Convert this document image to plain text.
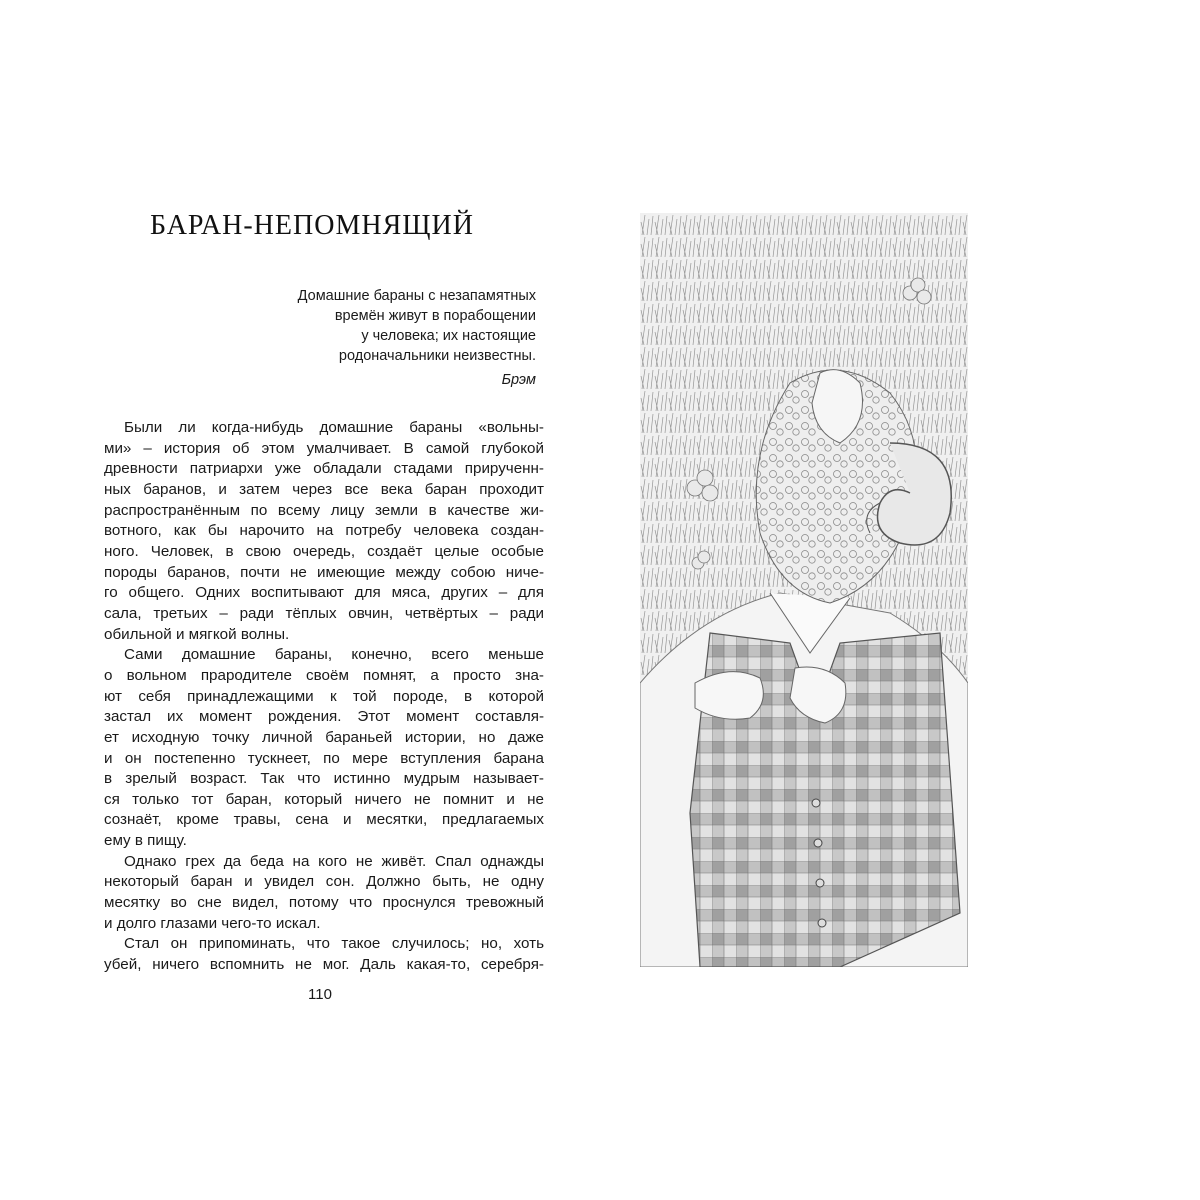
БАРАН-НЕПОМНЯЩИЙ
Домашние бараны с незапамятных
времён живут в порабощении
у человека; их настоящие
родоначальники неизвестны.
Брэм
Были ли когда-нибудь домашние бараны «вольны-
ми» – история об этом умалчивает. В самой глубокой
древности патриархи уже обладали стадами прирученн-
ных баранов, и затем через все века баран проходит
распространённым по всему лицу земли в качестве жи-
вотного, как бы нарочито на потребу человека создан-
ного. Человек, в свою очередь, создаёт целые особые
породы баранов, почти не имеющие между собою ниче-
го общего. Одних воспитывают для мяса, других – для
сала, третьих – ради тёплых овчин, четвёртых – ради
обильной и мягкой волны.
Сами домашние бараны, конечно, всего меньше
о вольном прародителе своём помнят, а просто зна-
ют себя принадлежащими к той породе, в которой
застал их момент рождения. Этот момент составля-
ет исходную точку личной бараньей истории, но даже
и он постепенно тускнеет, по мере вступления барана
в зрелый возраст. Так что истинно мудрым называет-
ся только тот баран, который ничего не помнит и не
сознаёт, кроме травы, сена и месятки, предлагаемых
ему в пищу.
Однако грех да беда на кого не живёт. Спал однажды
некоторый баран и увидел сон. Должно быть, не одну
месятку во сне видел, потому что проснулся тревожный
и долго глазами чего-то искал.
Стал он припоминать, что такое случилось; но, хоть
убей, ничего вспомнить не мог. Даль какая-то, серебря-
110
